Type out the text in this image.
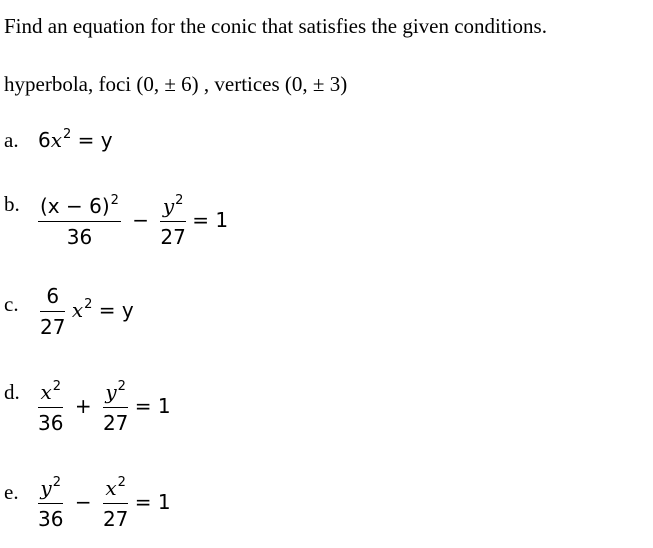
Find an equation for the conic that satisfies the given conditions.
hyperbola, foci (0, ± 6) , vertices (0, ± 3)
a. $6x^2 = y$
b. $\frac{(x - 6)^2}{36} - \frac{y^2}{27} = 1$
c. $\frac{6}{27} x^2 = y$
d. $\frac{x^2}{36} + \frac{y^2}{27} = 1$
e. $\frac{y^2}{36} - \frac{x^2}{27} = 1$
